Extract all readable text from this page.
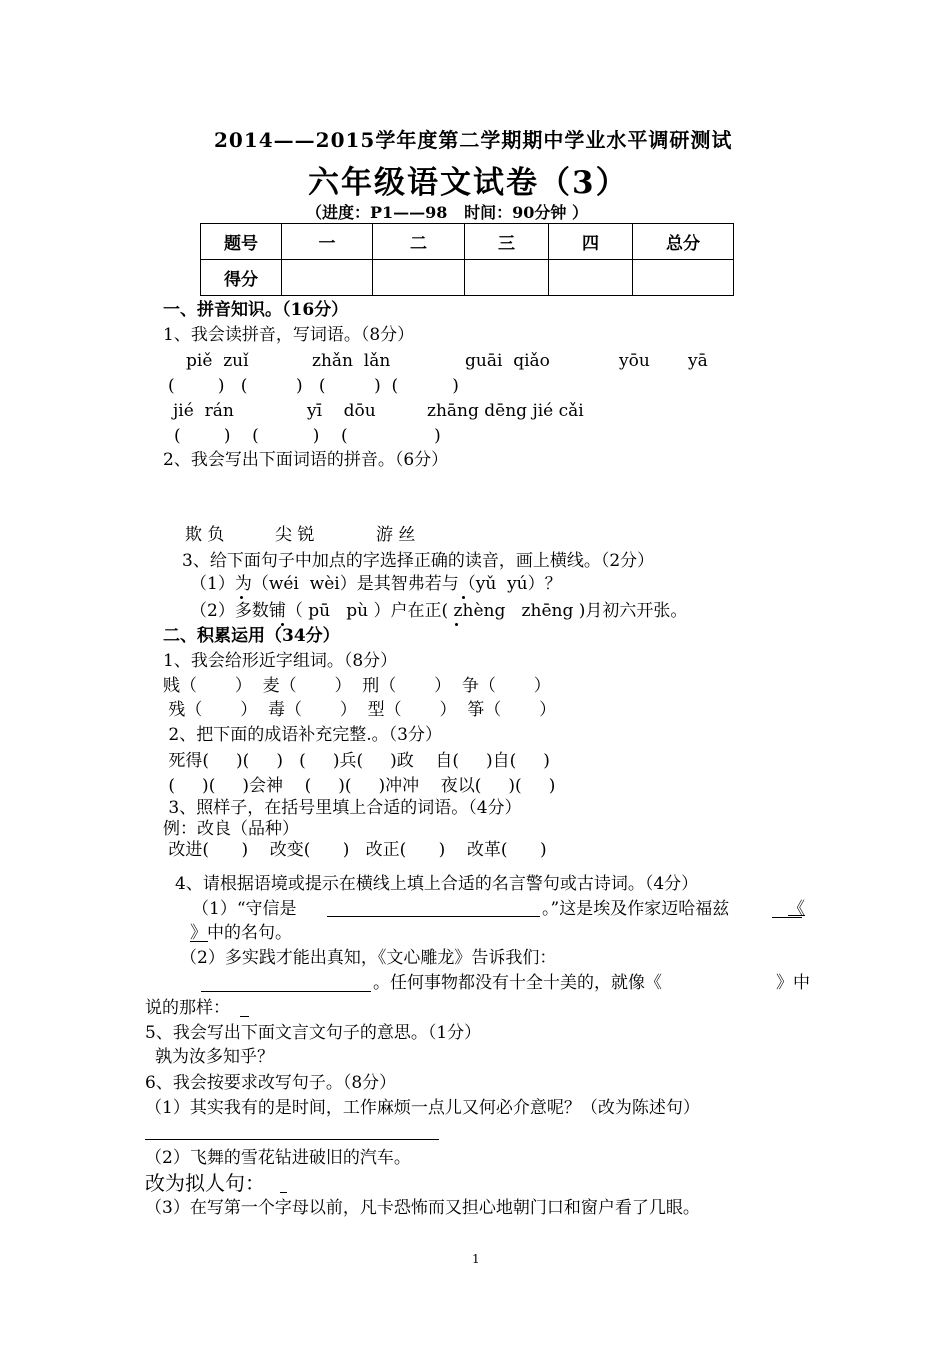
2014——2015学年度第二学期期中学业水平调研测试
六年级语文试卷（3）
（进度：P1——98   时间：90分钟 ）
题号	一	二	三	四	总分
得分					
一、拼音知识。（16分）
1、我会读拼音，写词语。（8分）
piě  zuǐ	zhǎn  lǎn	guāi  qiǎo	yōu yā
(        )   (         )   (         )  (          )
jié  rán	yī    dōu	zhāng dēng jié cǎi
(        )    (          )    (                )
2、我会写出下面词语的拼音。（6分）
欺 负	尖 锐	游 丝
3、给下面句子中加点的字选择正确的读音，画上横线。（2分）
（1）为（wéi  wèi）是其智弗若与（yǔ  yú）？
（2）多数铺（ pū   pù ）户在正( zhèng   zhēng )月初六开张。
二、积累运用（34分）
1、我会给形近字组词。（8分）
贱（       ）  麦（       ）  刑（       ）  争（       ）
残（       ）  毒（       ）  型（       ）  筝（       ）
2、把下面的成语补充完整.。（3分）
死得(     )(     )   (     )兵(     )政    自(     )自(     )
(     )(     )会神    (     )(     )冲冲    夜以(     )(     )
3、照样子，在括号里填上合适的词语。（4分）
例：改良（品种）
改进(      )    改变(      )   改正(      )    改革(      )
4、请根据语境或提示在横线上填上合适的名言警句或古诗词。（4分）
（1）“守信是	。”这是埃及作家迈哈福兹	《
》中的名句。
（2）多实践才能出真知，《文心雕龙》告诉我们：
。任何事物都没有十全十美的，就像《	》中
说的那样：
5、我会写出下面文言文句子的意思。（1分）
孰为汝多知乎？
6、我会按要求改写句子。（8分）
（1）其实我有的是时间，工作麻烦一点儿又何必介意呢？（改为陈述句）
（2）飞舞的雪花钻进破旧的汽车。
改为拟人句：
（3）在写第一个字母以前，凡卡恐怖而又担心地朝门口和窗户看了几眼。
1
